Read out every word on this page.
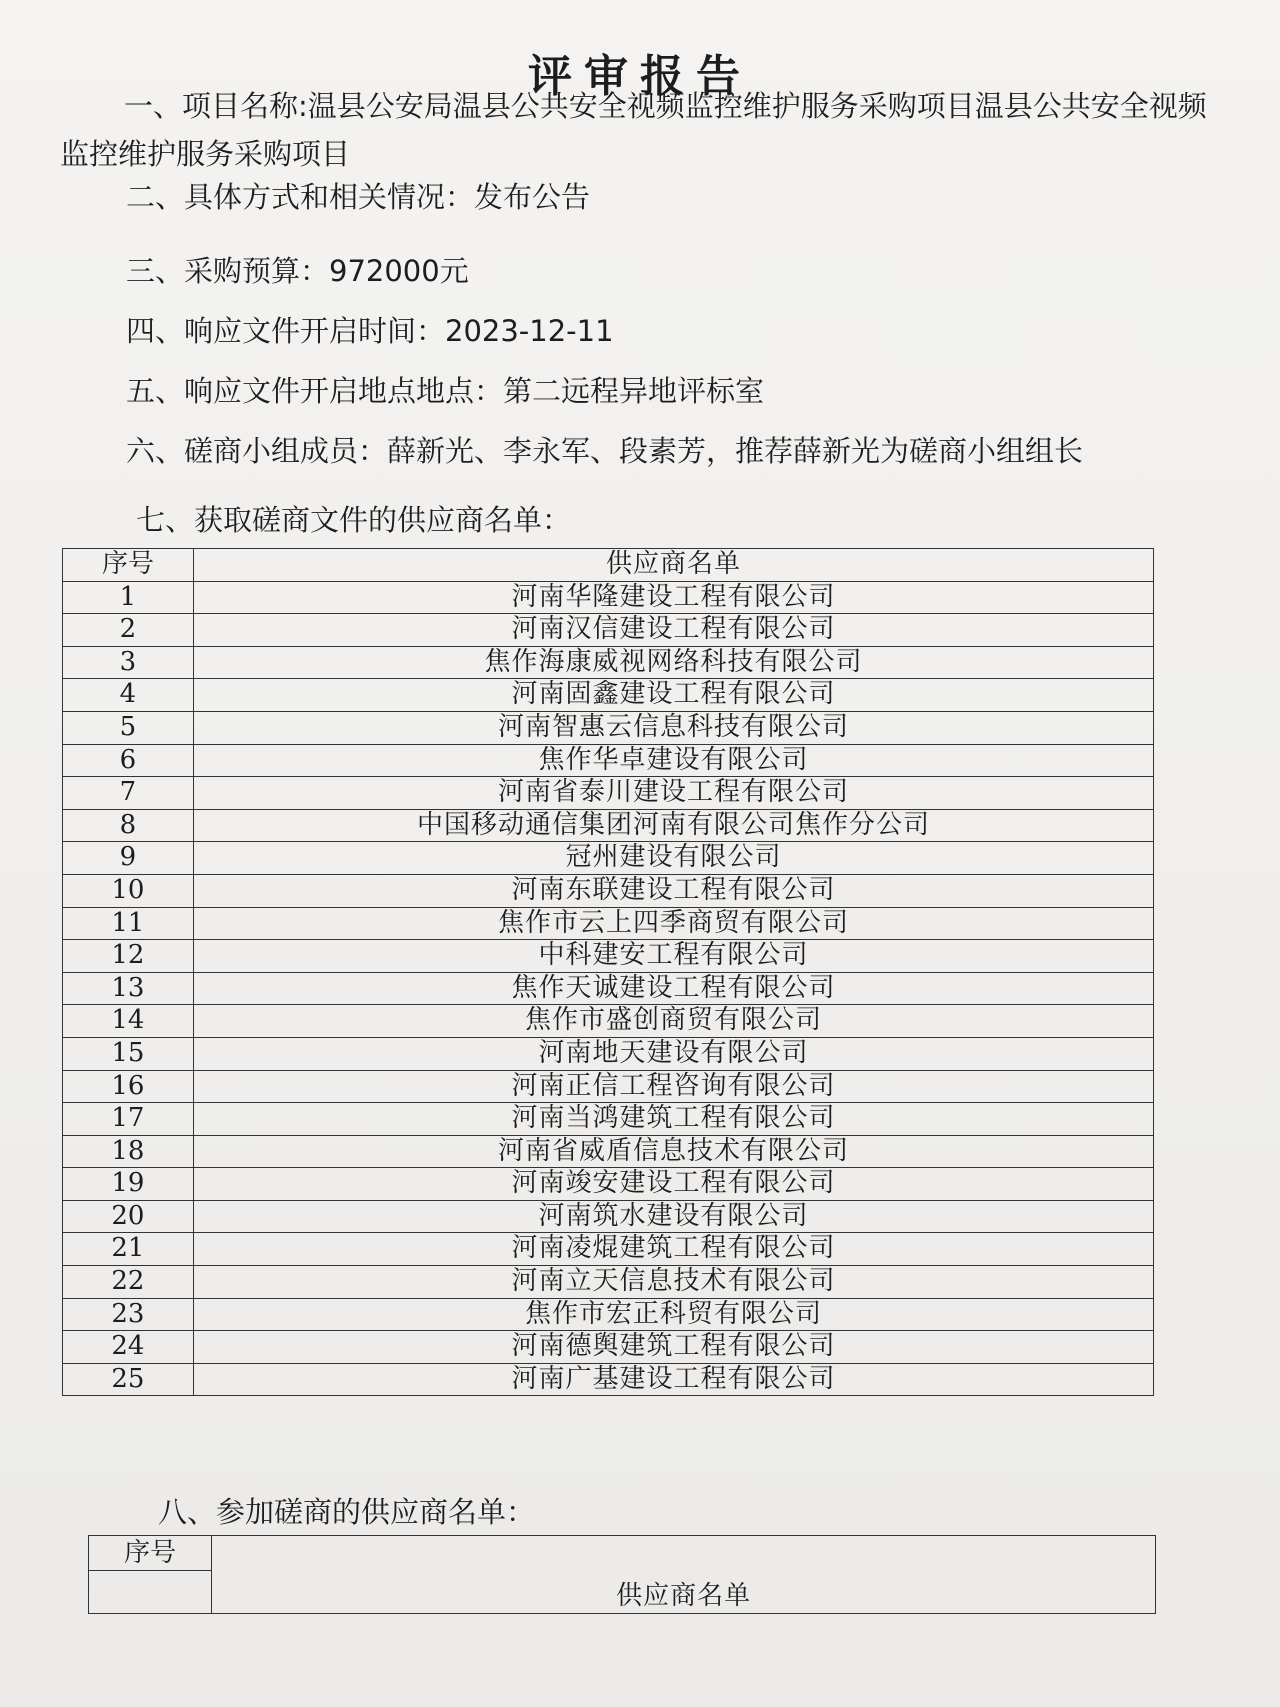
评审报告
一、项目名称:温县公安局温县公共安全视频监控维护服务采购项目温县公共安全视频监控维护服务采购项目
二、具体方式和相关情况：发布公告
三、采购预算：972000元
四、响应文件开启时间：2023-12-11
五、响应文件开启地点地点：第二远程异地评标室
六、磋商小组成员：薛新光、李永军、段素芳，推荐薛新光为磋商小组组长
七、获取磋商文件的供应商名单：
序号	供应商名单
1	河南华隆建设工程有限公司
2	河南汉信建设工程有限公司
3	焦作海康威视网络科技有限公司
4	河南固鑫建设工程有限公司
5	河南智惠云信息科技有限公司
6	焦作华卓建设有限公司
7	河南省泰川建设工程有限公司
8	中国移动通信集团河南有限公司焦作分公司
9	冠州建设有限公司
10	河南东联建设工程有限公司
11	焦作市云上四季商贸有限公司
12	中科建安工程有限公司
13	焦作天诚建设工程有限公司
14	焦作市盛创商贸有限公司
15	河南地天建设有限公司
16	河南正信工程咨询有限公司
17	河南当鸿建筑工程有限公司
18	河南省威盾信息技术有限公司
19	河南竣安建设工程有限公司
20	河南筑水建设有限公司
21	河南凌焜建筑工程有限公司
22	河南立天信息技术有限公司
23	焦作市宏正科贸有限公司
24	河南德舆建筑工程有限公司
25	河南广基建设工程有限公司
八、参加磋商的供应商名单：
序号	供应商名单
